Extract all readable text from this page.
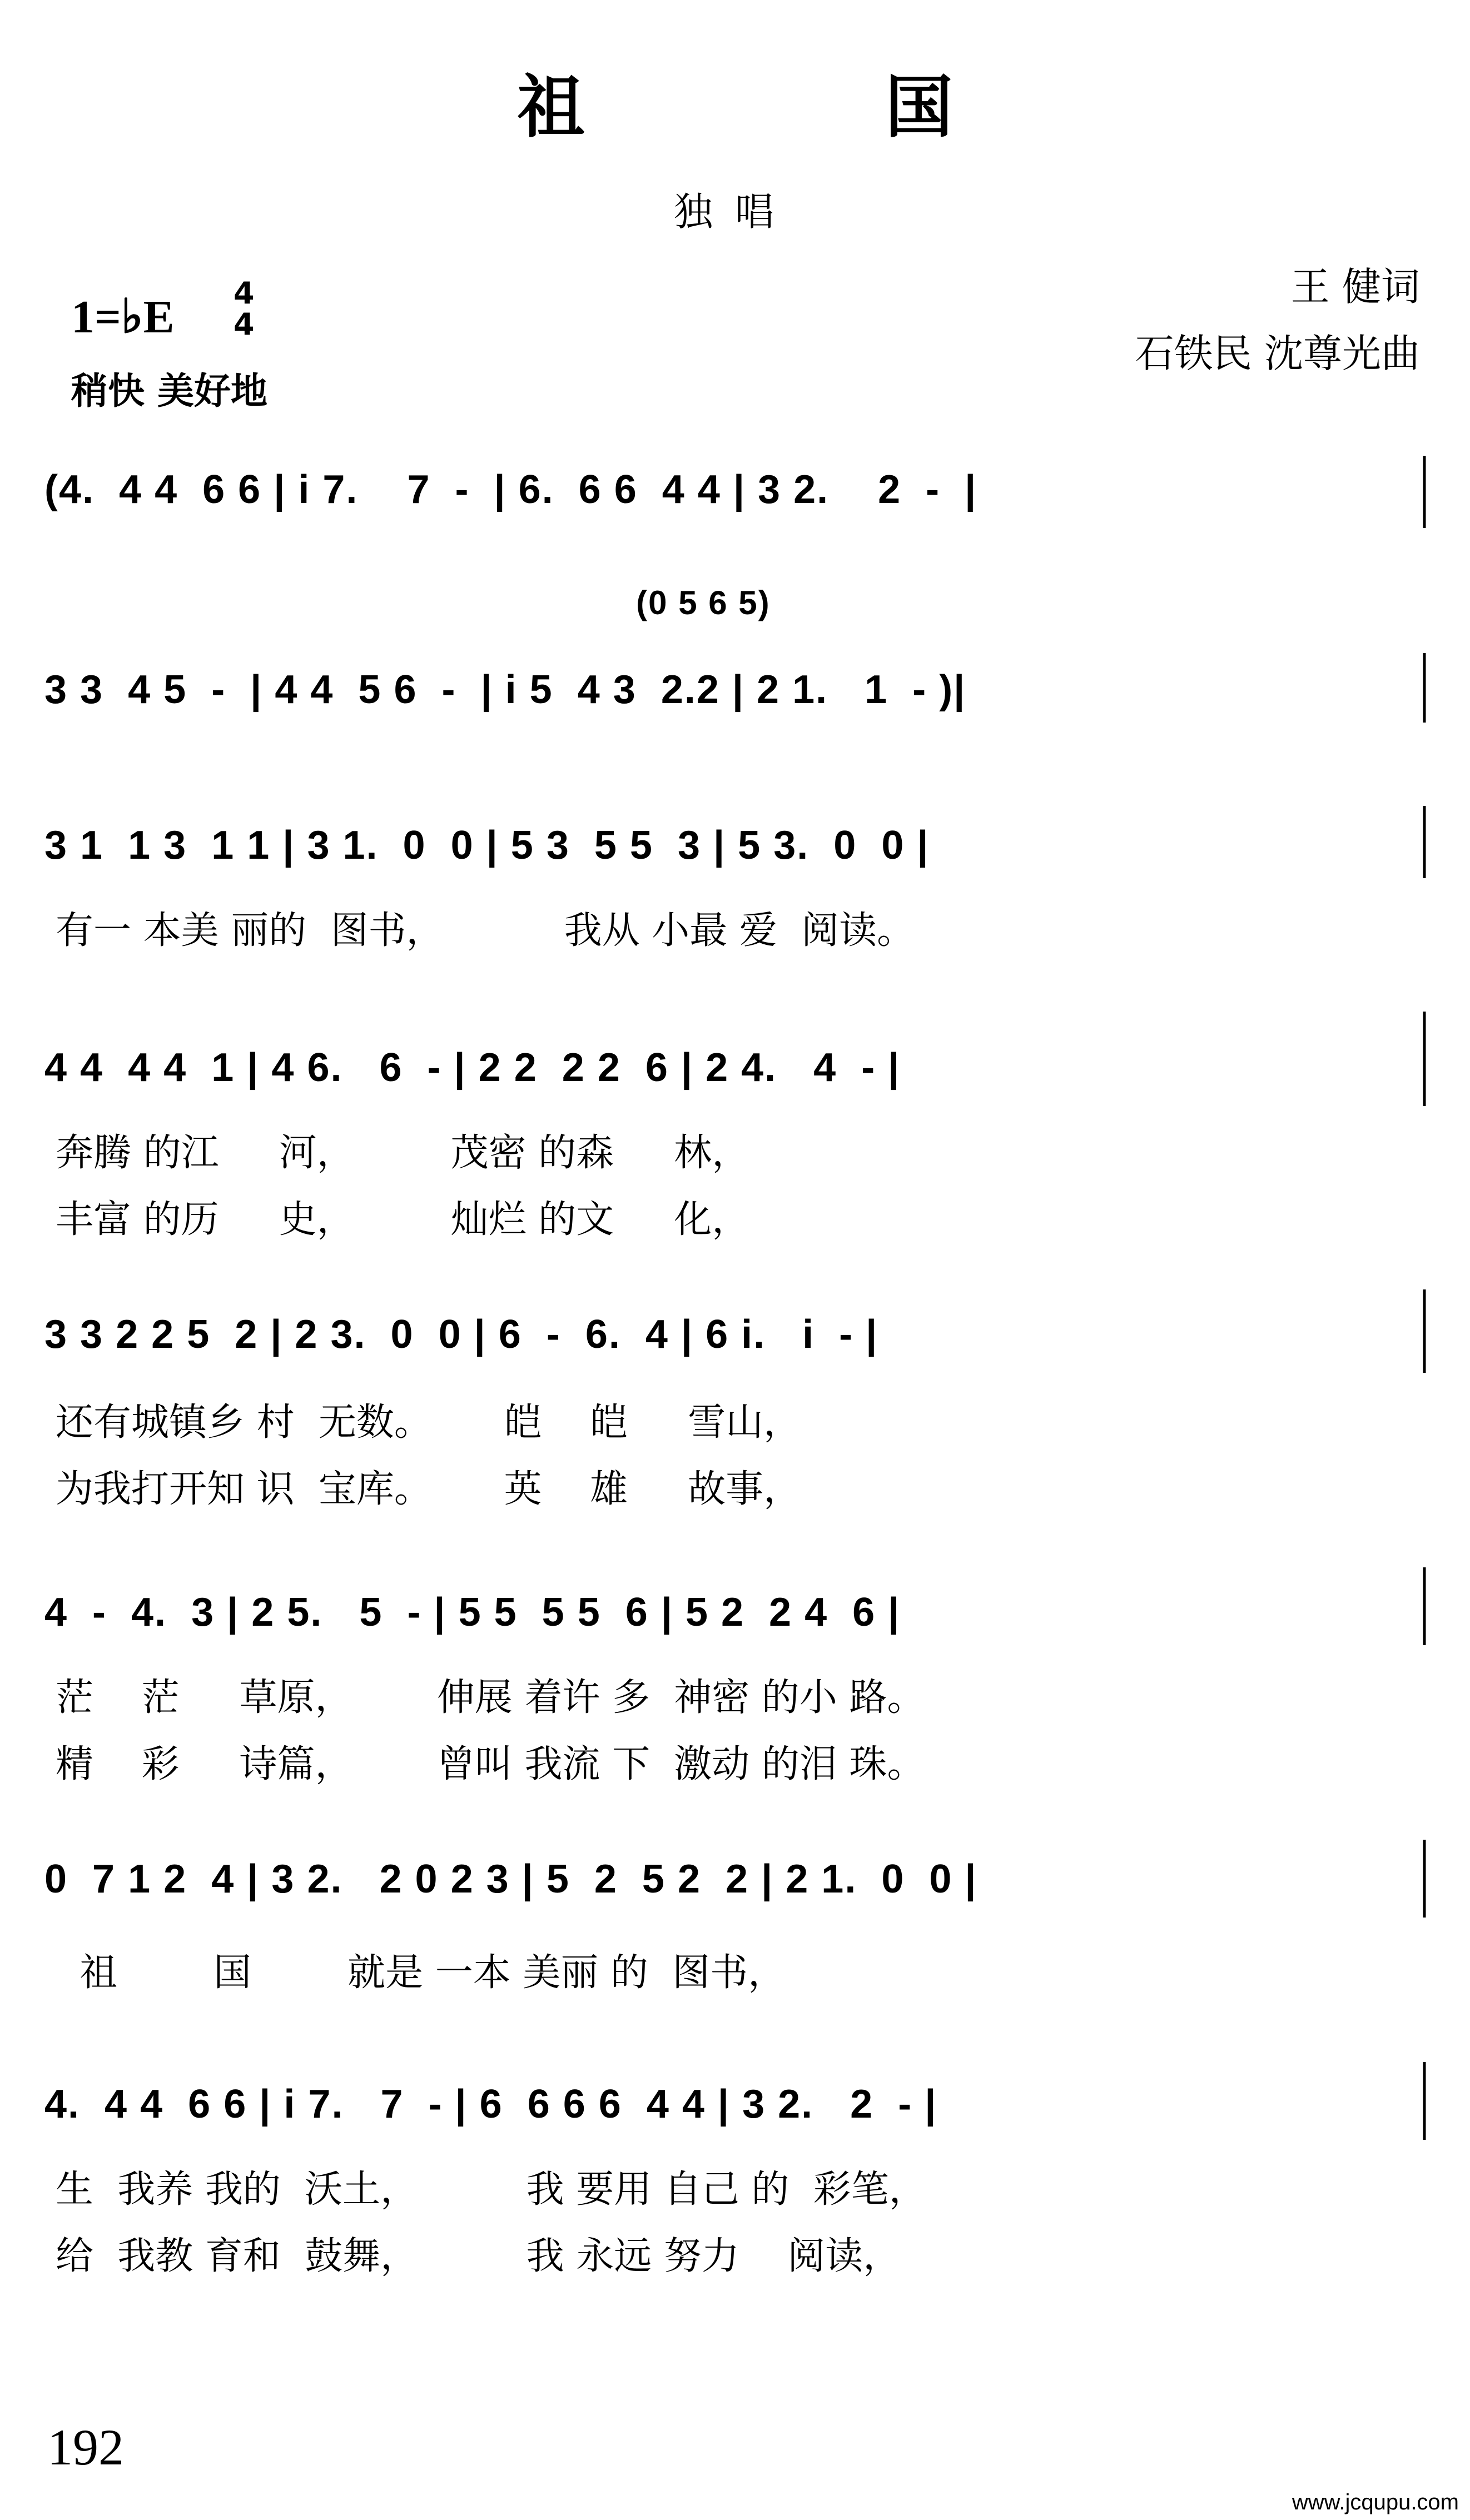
祖	国
独唱
1=♭E 4
4
稍快 美好地
王 健词
石铁民 沈尊光曲
(4.  4 4  6 6 | i 7.    7  -  | 6.  6 6  4 4 | 3 2.    2  -  |
(0 5 6 5)
3 3  4 5  -  | 4 4  5 6  -  | i 5  4 3  2.2 | 2 1.   1  - )|
3 1  1 3  1 1 | 3 1.  0  0 | 5 3  5 5  3 | 5 3.  0  0 |
有一 本美 丽的  图书，          我从 小最 爱  阅读。
4 4  4 4  1 | 4 6.   6  - | 2 2  2 2  6 | 2 4.   4  - |
奔腾 的江     河，        茂密 的森     林，
丰富 的历     史，        灿烂 的文     化，
3 3 2 2 5  2 | 2 3.  0  0 | 6  -  6.  4 | 6 i.   i  - |
还有城镇乡 村  无数。      皑    皑     雪山，
为我打开知 识  宝库。      英    雄     故事，
4  -  4.  3 | 2 5.   5  - | 5 5  5 5  6 | 5 2  2 4  6 |
茫    茫     草原，       伸展 着许 多  神密 的小 路。
精    彩     诗篇，       曾叫 我流 下  激动 的泪 珠。
0  7 1 2  4 | 3 2.   2 0 2 3 | 5  2  5 2  2 | 2 1.  0  0 |
祖        国        就是 一本 美丽 的  图书，
4.  4 4  6 6 | i 7.   7  - | 6  6 6 6  4 4 | 3 2.   2  - |
生  我养 我的  沃土，         我 要用 自己 的  彩笔，
给  我教 育和  鼓舞，         我 永远 努力    阅读，
192
www.jcqupu.com
